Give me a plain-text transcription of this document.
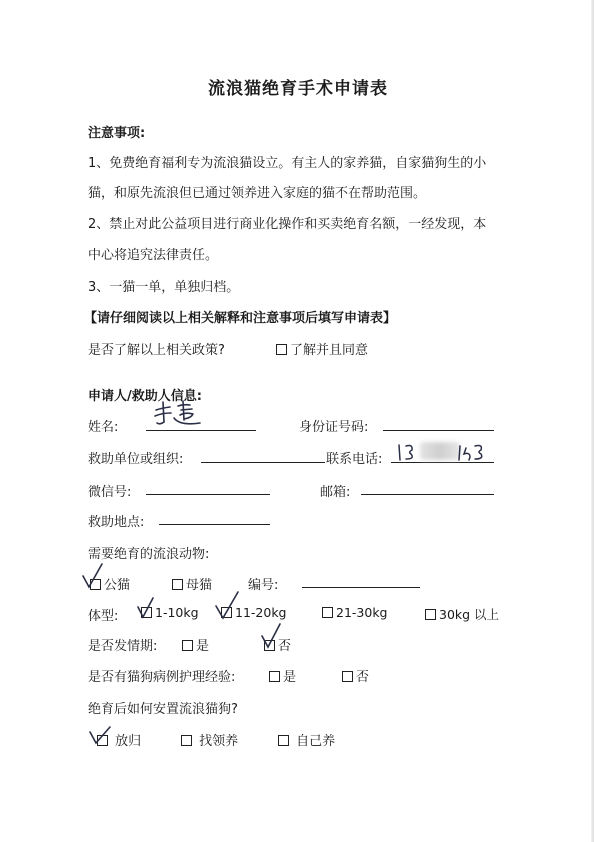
流浪猫绝育手术申请表
注意事项:
1、免费绝育福利专为流浪猫设立。有主人的家养猫，自家猫狗生的小
猫，和原先流浪但已通过领养进入家庭的猫不在帮助范围。
2、禁止对此公益项目进行商业化操作和买卖绝育名额，一经发现，本
中心将追究法律责任。
3、一猫一单，单独归档。
【请仔细阅读以上相关解释和注意事项后填写申请表】
是否了解以上相关政策?	了解并且同意
申请人/救助人信息:
姓名:	身份证号码:
救助单位或组织:	联系电话:
微信号:	邮箱:
救助地点:
需要绝育的流浪动物:
公猫	母猫	编号:
体型:	1-10kg	11-20kg	21-30kg	30kg 以上
是否发情期:	是	否
是否有猫狗病例护理经验:	是	否
绝育后如何安置流浪猫狗?
放归	找领养	自己养
